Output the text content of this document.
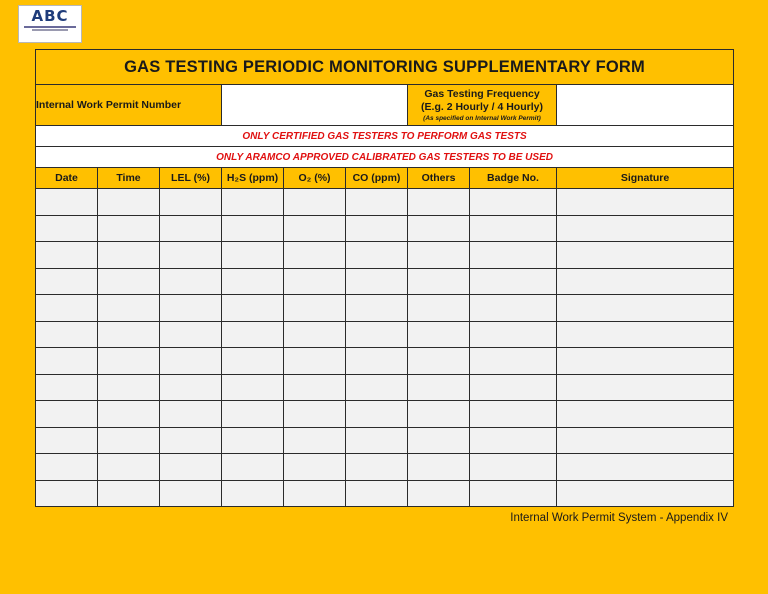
ABC
GAS TESTING PERIODIC MONITORING SUPPLEMENTARY FORM								
Internal Work Permit Number						Gas Testing Frequency
(E.g. 2 Hourly / 4 Hourly)
(As specified on Internal Work Permit)		

ONLY CERTIFIED GAS TESTERS TO PERFORM GAS TESTS								
ONLY ARAMCO APPROVED CALIBRATED GAS TESTERS TO BE USED								
Date	Time	LEL (%)	H₂S (ppm)	O₂ (%)	CO (ppm)	Others	Badge No.	Signature

Internal Work Permit System - Appendix IV
